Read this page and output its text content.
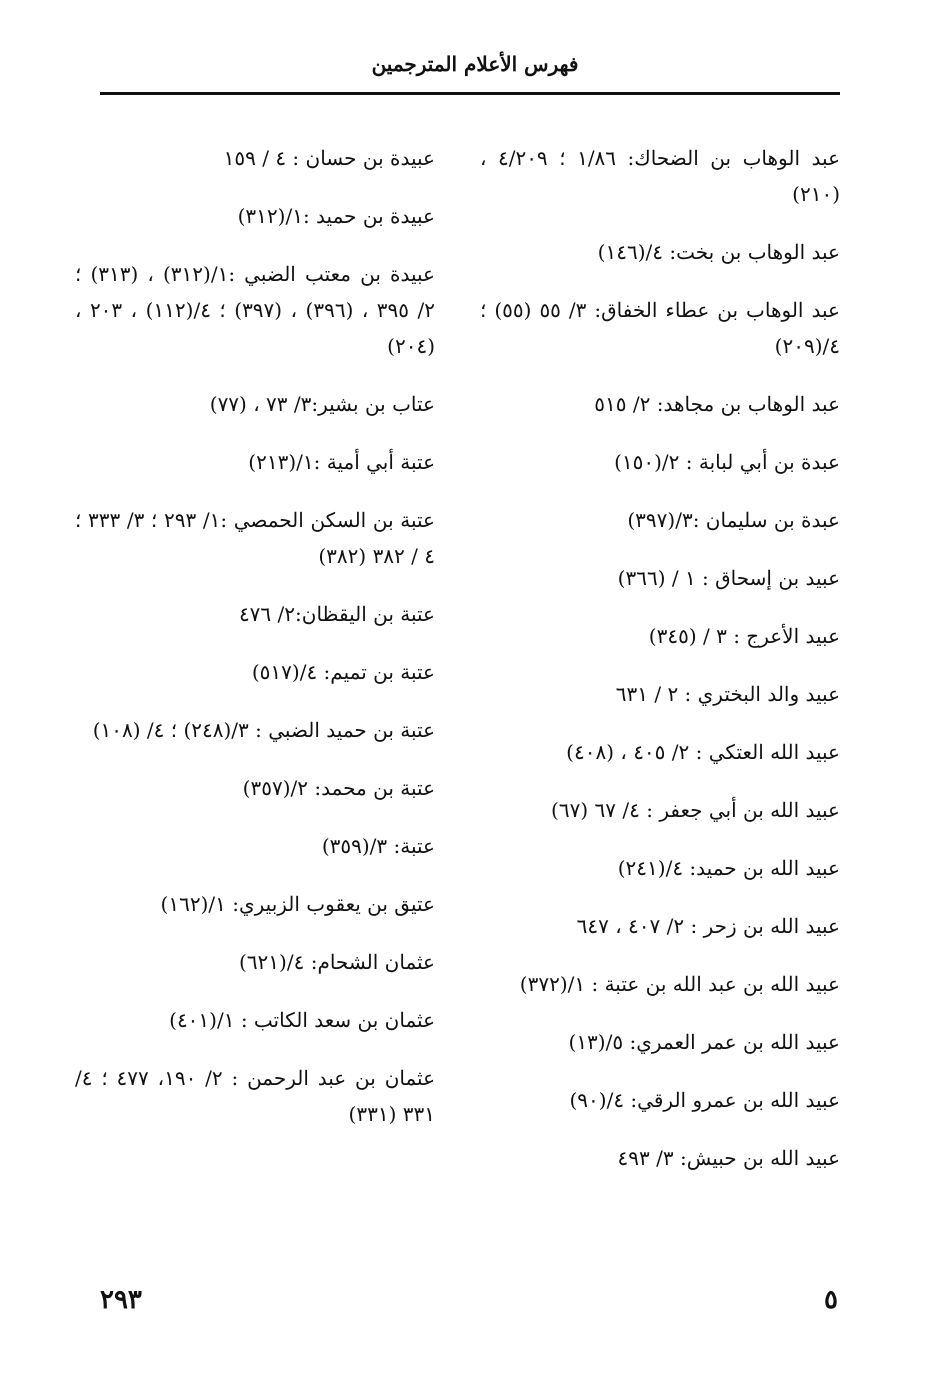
فهرس الأعلام المترجمين
عبد الوهاب بن الضحاك: ١/٨٦ ؛ ٤/٢٠٩ ، (٢١٠)
عبد الوهاب بن بخت: ٤/(١٤٦)
عبد الوهاب بن عطاء الخفاق: ٣/ ٥٥ (٥٥) ؛ ٤/(٢٠٩)
عبد الوهاب بن مجاهد: ٢/ ٥١٥
عبدة بن أبي لبابة : ٢/(١٥٠)
عبدة بن سليمان :٣/(٣٩٧)
عبيد بن إسحاق : ١ / (٣٦٦)
عبيد الأعرج : ٣ / (٣٤٥)
عبيد والد البختري : ٢ / ٦٣١
عبيد الله العتكي : ٢/ ٤٠٥ ، (٤٠٨)
عبيد الله بن أبي جعفر : ٤/ ٦٧ (٦٧)
عبيد الله بن حميد: ٤/(٢٤١)
عبيد الله بن زحر : ٢/ ٤٠٧ ، ٦٤٧
عبيد الله بن عبد الله بن عتبة : ١/(٣٧٢)
عبيد الله بن عمر العمري: ٥/(١٣)
عبيد الله بن عمرو الرقي: ٤/(٩٠)
عبيد الله بن حبيش: ٣/ ٤٩٣
عبيدة بن حسان : ٤ / ١٥٩
عبيدة بن حميد :١/(٣١٢)
عبيدة بن معتب الضبي :١/(٣١٢) ، (٣١٣) ؛ ٢/ ٣٩٥ ، (٣٩٦) ، (٣٩٧) ؛ ٤/(١١٢) ، ٢٠٣ ، (٢٠٤)
عتاب بن بشير:٣/ ٧٣ ، (٧٧)
عتبة أبي أمية :١/(٢١٣)
عتبة بن السكن الحمصي :١/ ٢٩٣ ؛ ٣/ ٣٣٣ ؛ ٤ / ٣٨٢ (٣٨٢)
عتبة بن اليقظان:٢/ ٤٧٦
عتبة بن تميم: ٤/(٥١٧)
عتبة بن حميد الضبي : ٣/(٢٤٨) ؛ ٤/ (١٠٨)
عتبة بن محمد: ٢/(٣٥٧)
عتبة: ٣/(٣٥٩)
عتيق بن يعقوب الزبيري: ١/(١٦٢)
عثمان الشحام: ٤/(٦٢١)
عثمان بن سعد الكاتب : ١/(٤٠١)
عثمان بن عبد الرحمن : ٢/ ١٩٠، ٤٧٧ ؛ ٤/ ٣٣١ (٣٣١)
٥
٢٩٣
